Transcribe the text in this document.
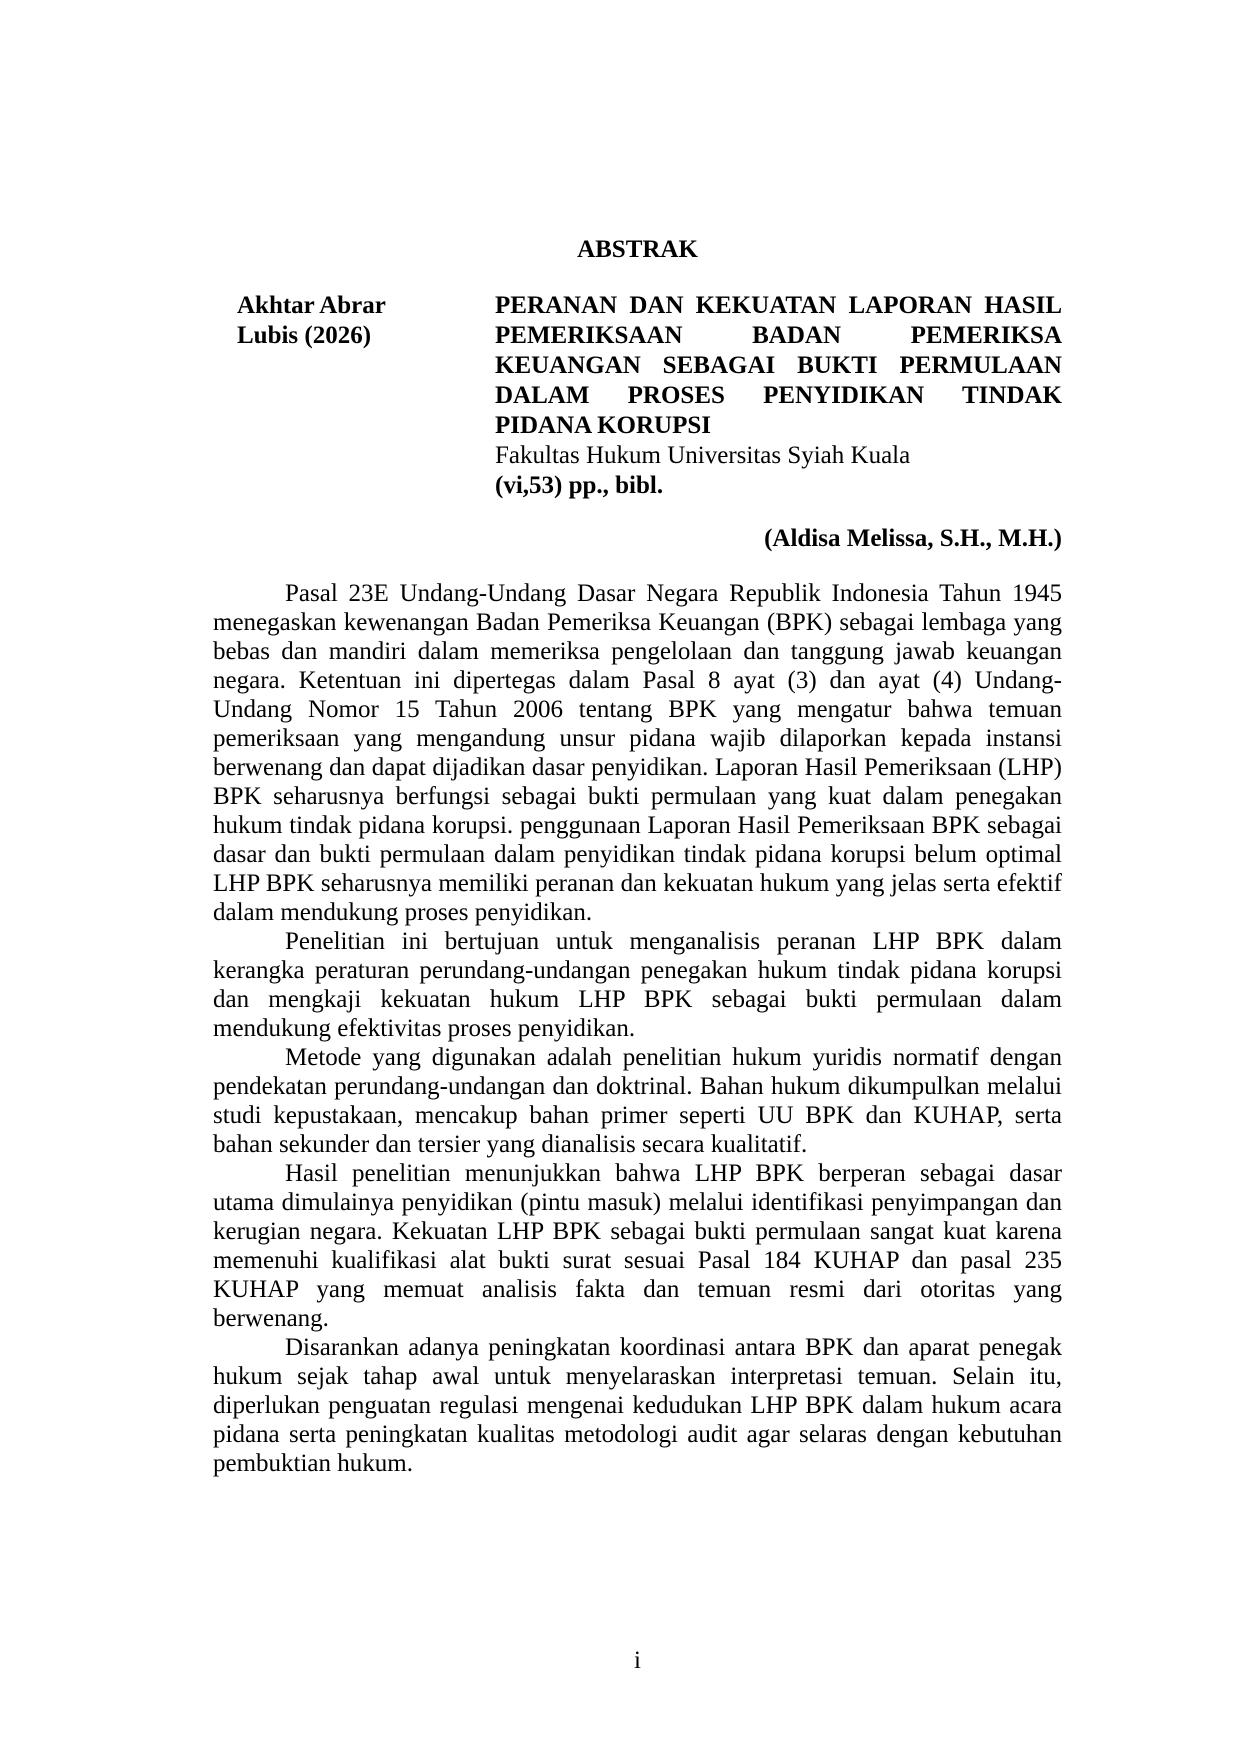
ABSTRAK
Akhtar Abrar
Lubis (2026)
PERANAN DAN KEKUATAN LAPORAN HASIL
PEMERIKSAAN BADAN PEMERIKSA
KEUANGAN SEBAGAI BUKTI PERMULAAN
DALAM PROSES PENYIDIKAN TINDAK
PIDANA KORUPSI
Fakultas Hukum Universitas Syiah Kuala
(vi,53) pp., bibl.
(Aldisa Melissa, S.H., M.H.)

Pasal 23E Undang-Undang Dasar Negara Republik Indonesia Tahun 1945 menegaskan kewenangan Badan Pemeriksa Keuangan (BPK) sebagai lembaga yang bebas dan mandiri dalam memeriksa pengelolaan dan tanggung jawab keuangan negara. Ketentuan ini dipertegas dalam Pasal 8 ayat (3) dan ayat (4) Undang-Undang Nomor 15 Tahun 2006 tentang BPK yang mengatur bahwa temuan pemeriksaan yang mengandung unsur pidana wajib dilaporkan kepada instansi berwenang dan dapat dijadikan dasar penyidikan. Laporan Hasil Pemeriksaan (LHP) BPK seharusnya berfungsi sebagai bukti permulaan yang kuat dalam penegakan hukum tindak pidana korupsi. penggunaan Laporan Hasil Pemeriksaan BPK sebagai dasar dan bukti permulaan dalam penyidikan tindak pidana korupsi belum optimal LHP BPK seharusnya memiliki peranan dan kekuatan hukum yang jelas serta efektif dalam mendukung proses penyidikan.

Penelitian ini bertujuan untuk menganalisis peranan LHP BPK dalam kerangka peraturan perundang-undangan penegakan hukum tindak pidana korupsi dan mengkaji kekuatan hukum LHP BPK sebagai bukti permulaan dalam mendukung efektivitas proses penyidikan.

Metode yang digunakan adalah penelitian hukum yuridis normatif dengan pendekatan perundang-undangan dan doktrinal. Bahan hukum dikumpulkan melalui studi kepustakaan, mencakup bahan primer seperti UU BPK dan KUHAP, serta bahan sekunder dan tersier yang dianalisis secara kualitatif.

Hasil penelitian menunjukkan bahwa LHP BPK berperan sebagai dasar utama dimulainya penyidikan (pintu masuk) melalui identifikasi penyimpangan dan kerugian negara. Kekuatan LHP BPK sebagai bukti permulaan sangat kuat karena memenuhi kualifikasi alat bukti surat sesuai Pasal 184 KUHAP dan pasal 235 KUHAP yang memuat analisis fakta dan temuan resmi dari otoritas yang berwenang.

Disarankan adanya peningkatan koordinasi antara BPK dan aparat penegak hukum sejak tahap awal untuk menyelaraskan interpretasi temuan. Selain itu, diperlukan penguatan regulasi mengenai kedudukan LHP BPK dalam hukum acara pidana serta peningkatan kualitas metodologi audit agar selaras dengan kebutuhan pembuktian hukum.

i
